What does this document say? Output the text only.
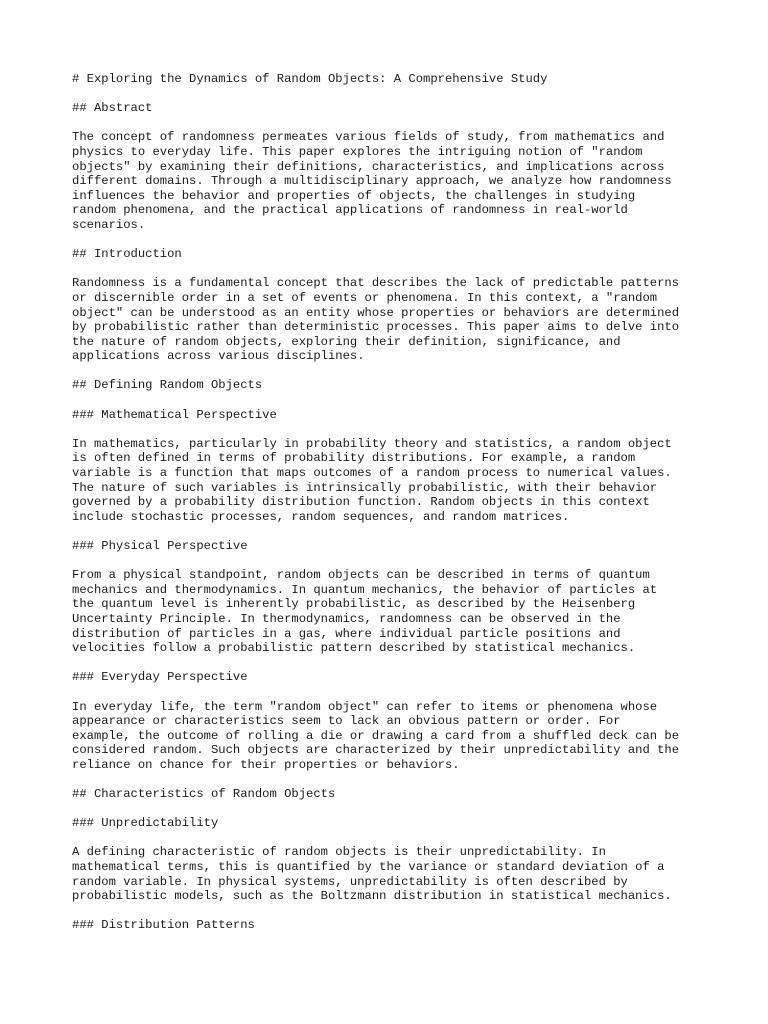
# Exploring the Dynamics of Random Objects: A Comprehensive Study
## Abstract
The concept of randomness permeates various fields of study, from mathematics and
physics to everyday life. This paper explores the intriguing notion of "random
objects" by examining their definitions, characteristics, and implications across
different domains. Through a multidisciplinary approach, we analyze how randomness
influences the behavior and properties of objects, the challenges in studying
random phenomena, and the practical applications of randomness in real-world
scenarios.
## Introduction
Randomness is a fundamental concept that describes the lack of predictable patterns
or discernible order in a set of events or phenomena. In this context, a "random
object" can be understood as an entity whose properties or behaviors are determined
by probabilistic rather than deterministic processes. This paper aims to delve into
the nature of random objects, exploring their definition, significance, and
applications across various disciplines.
## Defining Random Objects
### Mathematical Perspective
In mathematics, particularly in probability theory and statistics, a random object
is often defined in terms of probability distributions. For example, a random
variable is a function that maps outcomes of a random process to numerical values.
The nature of such variables is intrinsically probabilistic, with their behavior
governed by a probability distribution function. Random objects in this context
include stochastic processes, random sequences, and random matrices.
### Physical Perspective
From a physical standpoint, random objects can be described in terms of quantum
mechanics and thermodynamics. In quantum mechanics, the behavior of particles at
the quantum level is inherently probabilistic, as described by the Heisenberg
Uncertainty Principle. In thermodynamics, randomness can be observed in the
distribution of particles in a gas, where individual particle positions and
velocities follow a probabilistic pattern described by statistical mechanics.
### Everyday Perspective
In everyday life, the term "random object" can refer to items or phenomena whose
appearance or characteristics seem to lack an obvious pattern or order. For
example, the outcome of rolling a die or drawing a card from a shuffled deck can be
considered random. Such objects are characterized by their unpredictability and the
reliance on chance for their properties or behaviors.
## Characteristics of Random Objects
### Unpredictability
A defining characteristic of random objects is their unpredictability. In
mathematical terms, this is quantified by the variance or standard deviation of a
random variable. In physical systems, unpredictability is often described by
probabilistic models, such as the Boltzmann distribution in statistical mechanics.
### Distribution Patterns
